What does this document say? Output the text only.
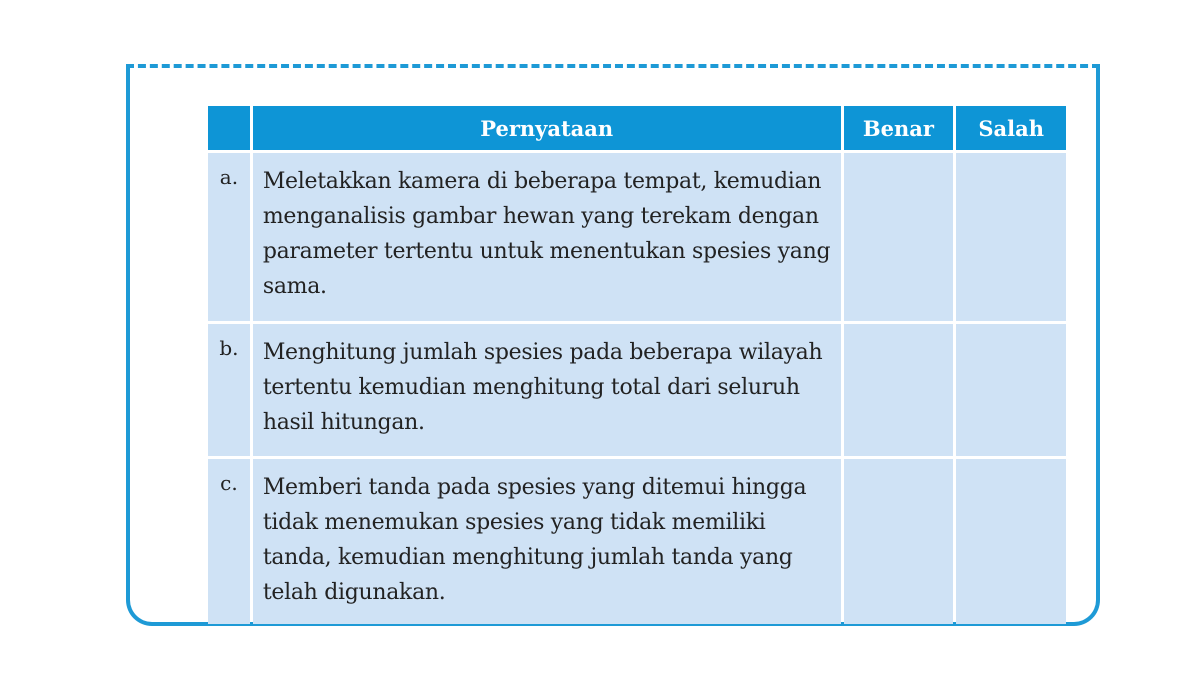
	Pernyataan	Benar	Salah
a.	Meletakkan kamera di beberapa tempat, kemudian menganalisis gambar hewan yang terekam dengan parameter tertentu untuk menentukan spesies yang sama.		
b.	Menghitung jumlah spesies pada beberapa wilayah tertentu kemudian menghitung total dari seluruh hasil hitungan.		
c.	Memberi tanda pada spesies yang ditemui hingga tidak menemukan spesies yang tidak memiliki tanda, kemudian menghitung jumlah tanda yang telah digunakan.		
